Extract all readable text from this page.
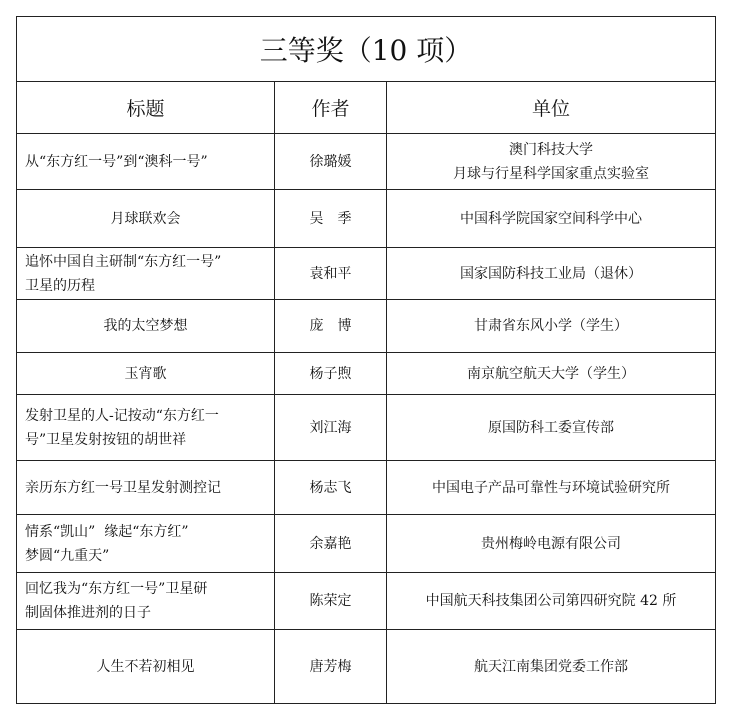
三等奖（10 项）		
标题	作者	单位

从“东方红一号”到“澳科一号”	徐璐媛	澳门科技大学
月球与行星科学国家重点实验室

月球联欢会	吴　季	中国科学院国家空间科学中心

追怀中国自主研制“东方红一号”
卫星的历程	袁和平	国家国防科技工业局（退休）

我的太空梦想	庞　博	甘肃省东风小学（学生）

玉宵歌	杨子煦	南京航空航天大学（学生）

发射卫星的人-记按动“东方红一
号”卫星发射按钮的胡世祥	刘江海	原国防科工委宣传部

亲历东方红一号卫星发射测控记	杨志飞	中国电子产品可靠性与环境试验研究所

情系“凯山”  缘起“东方红”
梦圆“九重天”	余嘉艳	贵州梅岭电源有限公司

回忆我为“东方红一号”卫星研
制固体推进剂的日子	陈荣定	中国航天科技集团公司第四研究院 42 所

人生不若初相见	唐芳梅	航天江南集团党委工作部
